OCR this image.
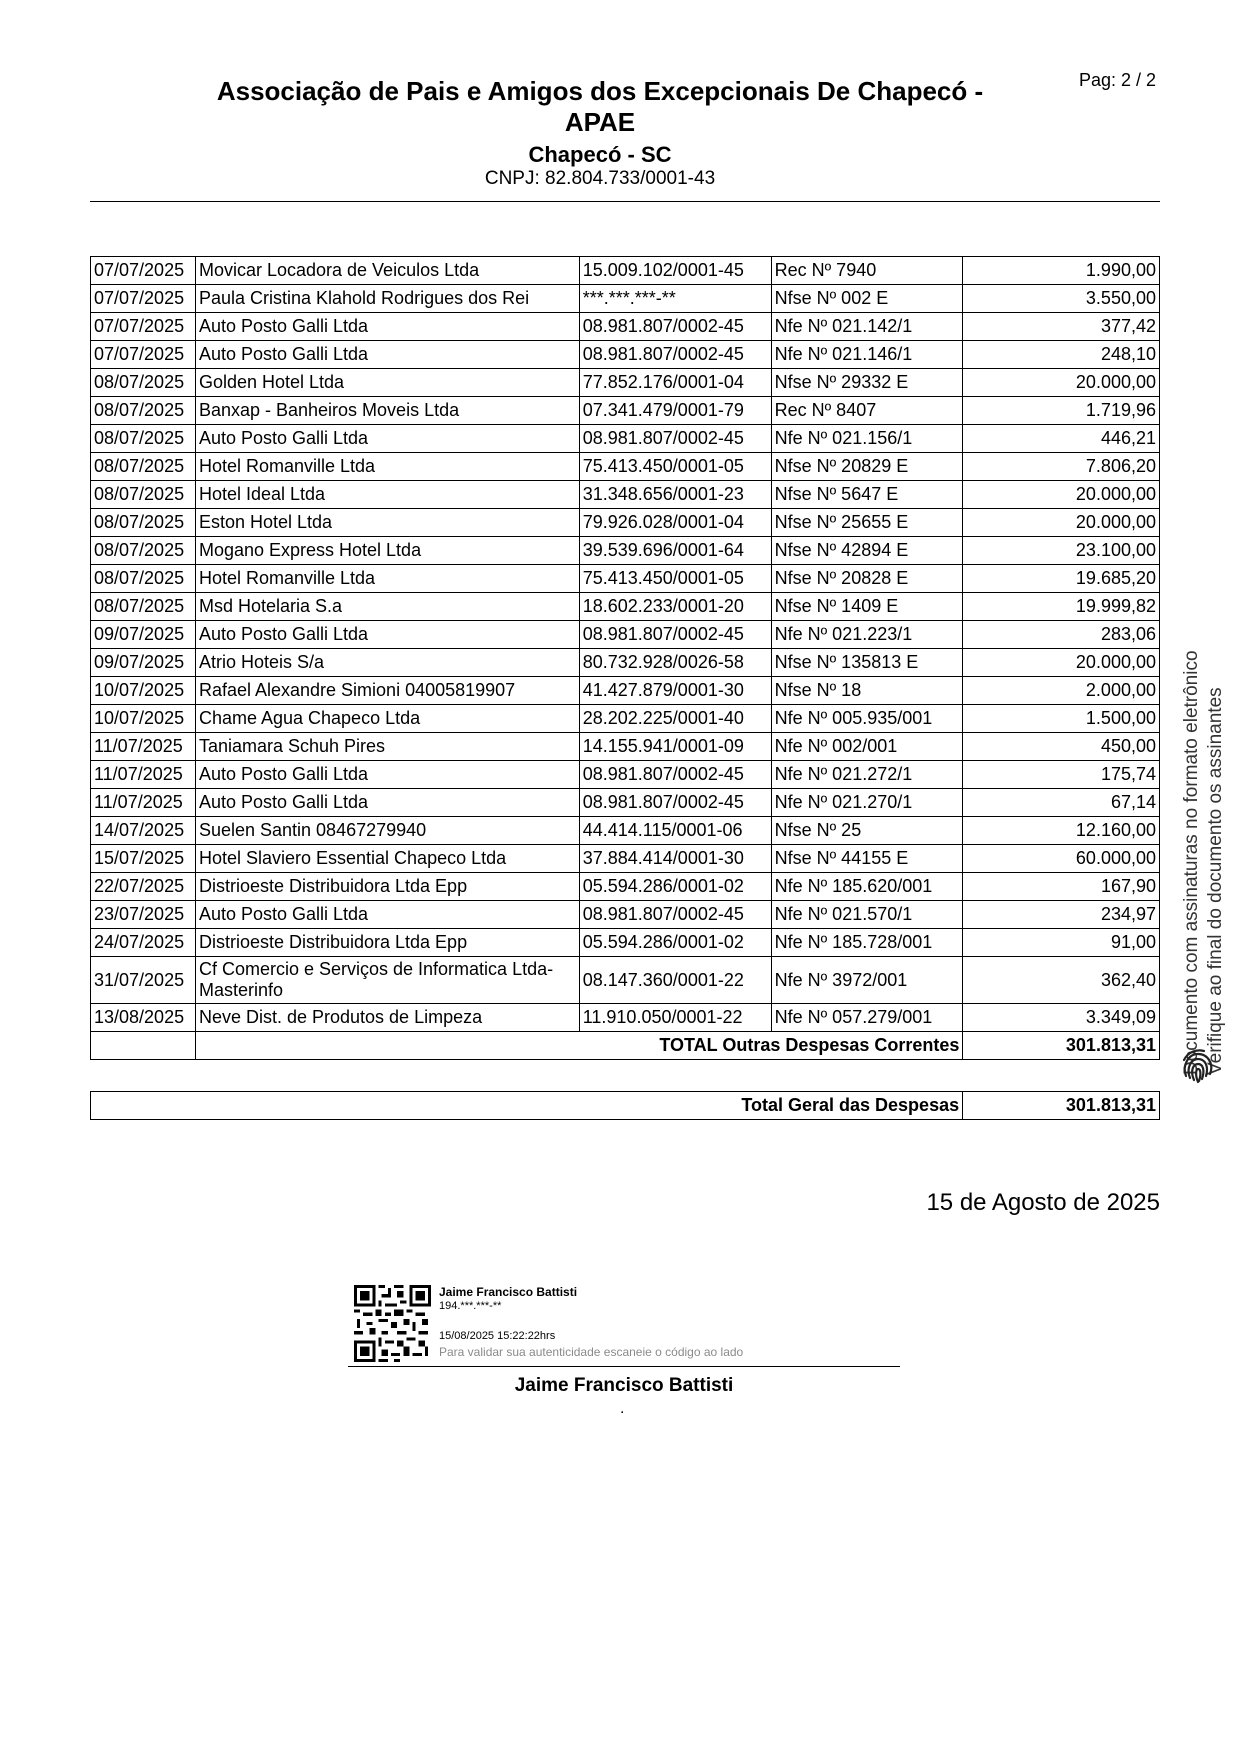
Pag: 2 / 2
Associação de Pais e Amigos dos Excepcionais De Chapecó -
APAE
Chapecó - SC
CNPJ: 82.804.733/0001-43
07/07/2025	Movicar Locadora de Veiculos Ltda	15.009.102/0001-45	Rec Nº 7940	1.990,00
07/07/2025	Paula Cristina Klahold Rodrigues dos Rei	***.***.***-**	Nfse Nº 002 E	3.550,00
07/07/2025	Auto Posto Galli Ltda	08.981.807/0002-45	Nfe Nº 021.142/1	377,42
07/07/2025	Auto Posto Galli Ltda	08.981.807/0002-45	Nfe Nº 021.146/1	248,10
08/07/2025	Golden Hotel Ltda	77.852.176/0001-04	Nfse Nº 29332 E	20.000,00
08/07/2025	Banxap - Banheiros Moveis Ltda	07.341.479/0001-79	Rec Nº 8407	1.719,96
08/07/2025	Auto Posto Galli Ltda	08.981.807/0002-45	Nfe Nº 021.156/1	446,21
08/07/2025	Hotel Romanville Ltda	75.413.450/0001-05	Nfse Nº 20829 E	7.806,20
08/07/2025	Hotel Ideal Ltda	31.348.656/0001-23	Nfse Nº 5647 E	20.000,00
08/07/2025	Eston Hotel Ltda	79.926.028/0001-04	Nfse Nº 25655 E	20.000,00
08/07/2025	Mogano Express Hotel Ltda	39.539.696/0001-64	Nfse Nº 42894 E	23.100,00
08/07/2025	Hotel Romanville Ltda	75.413.450/0001-05	Nfse Nº 20828 E	19.685,20
08/07/2025	Msd Hotelaria S.a	18.602.233/0001-20	Nfse Nº 1409 E	19.999,82
09/07/2025	Auto Posto Galli Ltda	08.981.807/0002-45	Nfe Nº 021.223/1	283,06
09/07/2025	Atrio Hoteis S/a	80.732.928/0026-58	Nfse Nº 135813 E	20.000,00
10/07/2025	Rafael Alexandre Simioni 04005819907	41.427.879/0001-30	Nfse Nº 18	2.000,00
10/07/2025	Chame Agua Chapeco Ltda	28.202.225/0001-40	Nfe Nº 005.935/001	1.500,00
11/07/2025	Taniamara Schuh Pires	14.155.941/0001-09	Nfe Nº 002/001	450,00
11/07/2025	Auto Posto Galli Ltda	08.981.807/0002-45	Nfe Nº 021.272/1	175,74
11/07/2025	Auto Posto Galli Ltda	08.981.807/0002-45	Nfe Nº 021.270/1	67,14
14/07/2025	Suelen Santin 08467279940	44.414.115/0001-06	Nfse Nº 25	12.160,00
15/07/2025	Hotel Slaviero Essential Chapeco Ltda	37.884.414/0001-30	Nfse Nº 44155 E	60.000,00
22/07/2025	Distrioeste Distribuidora Ltda Epp	05.594.286/0001-02	Nfe Nº 185.620/001	167,90
23/07/2025	Auto Posto Galli Ltda	08.981.807/0002-45	Nfe Nº 021.570/1	234,97
24/07/2025	Distrioeste Distribuidora Ltda Epp	05.594.286/0001-02	Nfe Nº 185.728/001	91,00
31/07/2025	Cf Comercio e Serviços de Informatica Ltda-Masterinfo	08.147.360/0001-22	Nfe Nº 3972/001	362,40
13/08/2025	Neve Dist. de Produtos de Limpeza	11.910.050/0001-22	Nfe Nº 057.279/001	3.349,09
	TOTAL Outras Despesas Correntes			301.813,31
Total Geral das Despesas	301.813,31
15 de Agosto de 2025
Jaime Francisco Battisti
194.***.***-**
15/08/2025 15:22:22hrs
Para validar sua autenticidade escaneie o código ao lado
Jaime Francisco Battisti
.
Documento com assinaturas no formato eletrônico Verifique ao final do documento os assinantes
